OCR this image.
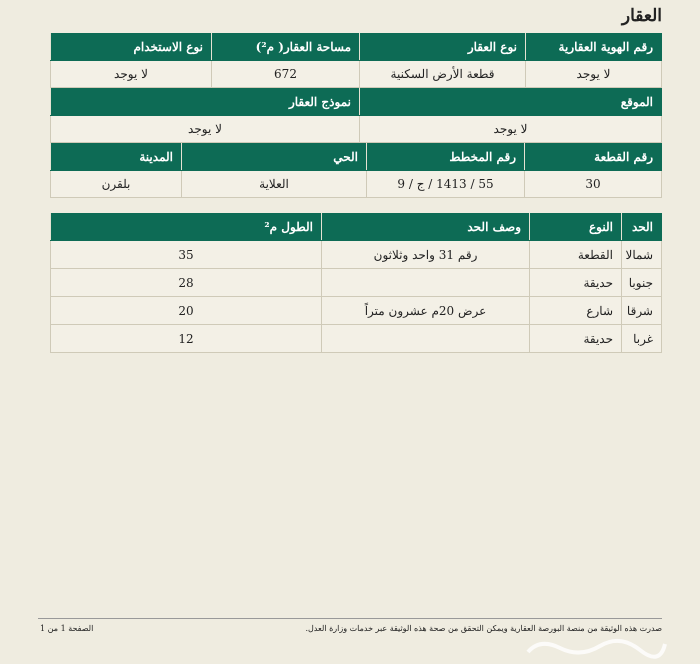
العقار
رقم الهوية العقارية	نوع العقار	مساحة العقار( م²)	نوع الاستخدام
لا يوجد	قطعة الأرض السكنية	672	لا يوجد
الموقع	نموذج العقار
لا يوجد	لا يوجد
رقم القطعة	رقم المخطط	الحي	المدينة
30	55 / 1413 / ج / 9	العلاية	بلقرن
الحد	النوع	وصف الحد	الطول م²
شمالا	القطعة	رقم 31 واحد وثلاثون	35
جنوبا	حديقة		28
شرقا	شارع	عرض 20م عشرون متراً	20
غربا	حديقة		12
صدرت هذه الوثيقة من منصة البورصة العقارية ويمكن التحقق من صحة هذه الوثيقة عبر خدمات وزارة العدل.
الصفحة 1 من 1
